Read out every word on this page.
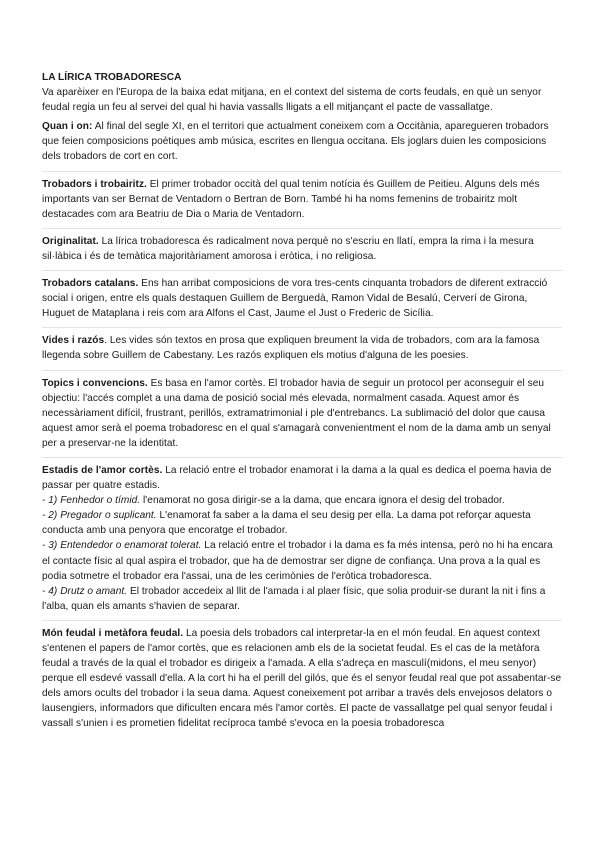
LA LÍRICA TROBADORESCA

Va aparèixer en l'Europa de la baixa edat mitjana, en el context del sistema de corts feudals, en què un senyor feudal regia un feu al servei del qual hi havia vassalls lligats a ell mitjançant el pacte de vassallatge.

Quan i on: Al final del segle XI, en el territori que actualment coneixem com a Occitània, aparegueren trobadors que feien composicions poètiques amb música, escrites en llengua occitana. Els joglars duien les composicions dels trobadors de cort en cort.

Trobadors i trobairitz. El primer trobador occità del qual tenim notícia és Guillem de Peitieu. Alguns dels més importants van ser Bernat de Ventadorn o Bertran de Born. També hi ha noms femenins de trobairitz molt destacades com ara Beatriu de Dia o Maria de Ventadorn.

Originalitat. La lírica trobadoresca és radicalment nova perquè no s'escriu en llatí, empra la rima i la mesura sil·làbica i és de temàtica majoritàriament amorosa i eròtica, i no religiosa.

Trobadors catalans. Ens han arribat composicions de vora tres-cents cinquanta trobadors de diferent extracció social i origen, entre els quals destaquen Guillem de Berguedà, Ramon Vidal de Besalú, Cerverí de Girona, Huguet de Mataplana i reis com ara Alfons el Cast, Jaume el Just o Frederic de Sicília.

Vides i razós. Les vides són textos en prosa que expliquen breument la vida de trobadors, com ara la famosa llegenda sobre Guillem de Cabestany. Les razós expliquen els motius d'alguna de les poesies.

Topics i convencions. Es basa en l'amor cortès. El trobador havia de seguir un protocol per aconseguir el seu objectiu: l'accés complet a una dama de posició social més elevada, normalment casada. Aquest amor és necessàriament difícil, frustrant, perillós, extramatrimonial i ple d'entrebancs. La sublimació del dolor que causa aquest amor serà el poema trobadoresc en el qual s'amagarà convenientment el nom de la dama amb un senyal per a preservar-ne la identitat.

Estadis de l'amor cortès. La relació entre el trobador enamorat i la dama a la qual es dedica el poema havia de passar per quatre estadis.

- 1) Fenhedor o tímid. l'enamorat no gosa dirigir-se a la dama, que encara ignora el desig del trobador.

- 2) Pregador o suplicant. L'enamorat fa saber a la dama el seu desig per ella. La dama pot reforçar aquesta conducta amb una penyora que encoratge el trobador.

- 3) Entendedor o enamorat tolerat. La relació entre el trobador i la dama es fa més intensa, però no hi ha encara el contacte físic al qual aspira el trobador, que ha de demostrar ser digne de confiança. Una prova a la qual es podia sotmetre el trobador era l'assai, una de les cerimònies de l'eròtica trobadoresca.

- 4) Drutz o amant. El trobador accedeix al llit de l'amada i al plaer físic, que solia produir-se durant la nit i fins a l'alba, quan els amants s'havien de separar.

Món feudal i metàfora feudal. La poesia dels trobadors cal interpretar-la en el món feudal. En aquest context s'entenen el papers de l'amor cortès, que es relacionen amb els de la societat feudal. Es el cas de la metàfora feudal a través de la qual el trobador es dirigeix a l'amada. A ella s'adreça en masculí(midons, el meu senyor) perque ell esdevé vassall d'ella. A la cort hi ha el perill del gilós, que és el senyor feudal real que pot assabentar-se dels amors ocults del trobador i la seua dama. Aquest coneixement pot arribar a través dels envejosos delators o lausengiers, informadors que dificulten encara més l'amor cortès. El pacte de vassallatge pel qual senyor feudal i vassall s'unien i es prometien fidelitat recíproca també s'evoca en la poesia trobadoresca
